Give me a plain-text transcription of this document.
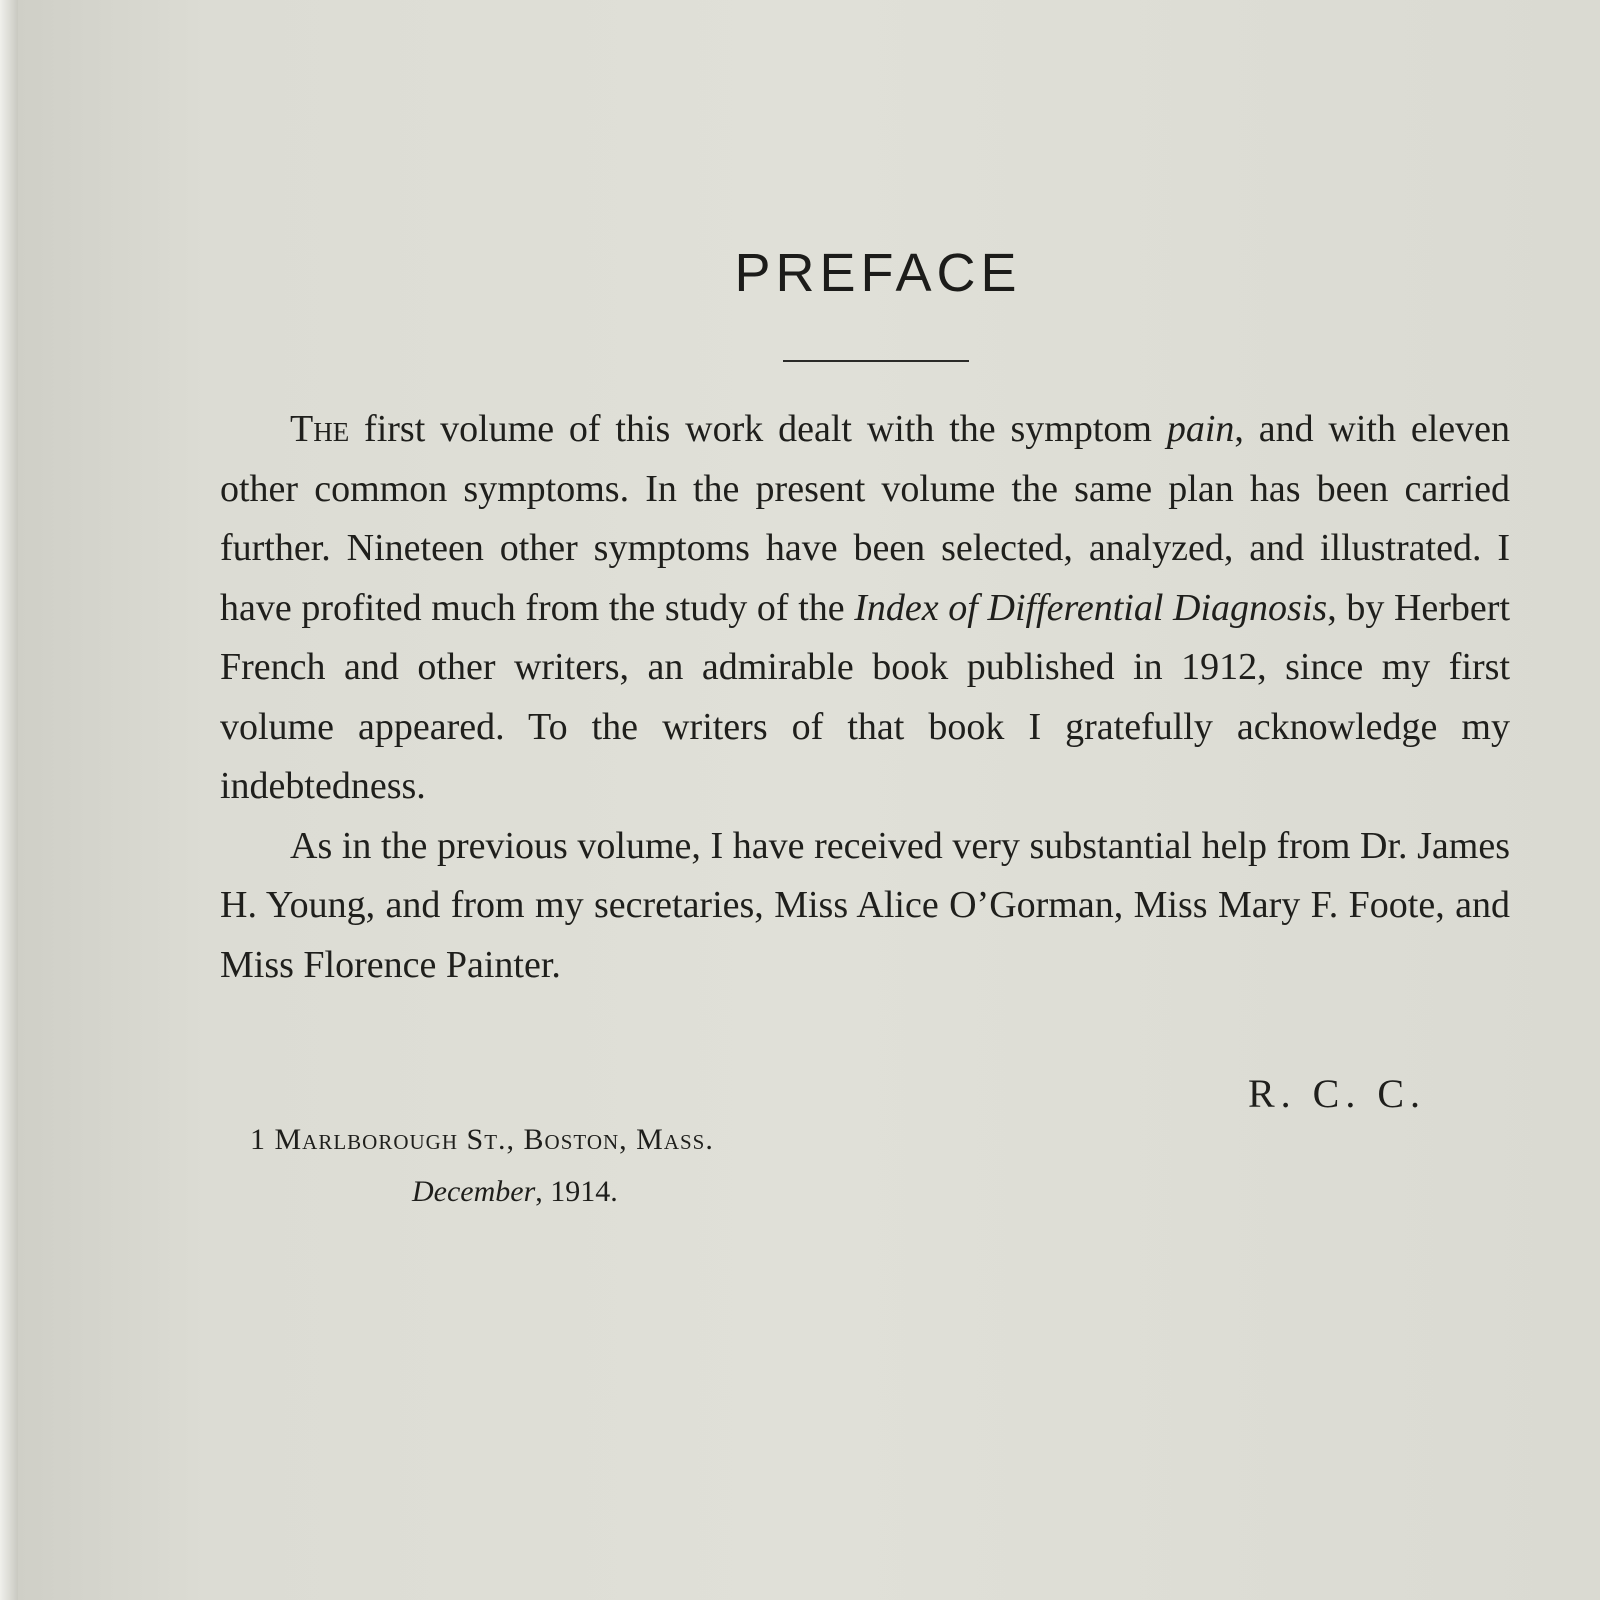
PREFACE

The first volume of this work dealt with the symptom pain, and with eleven other common symptoms. In the present volume the same plan has been carried further. Nineteen other symptoms have been selected, analyzed, and illustrated. I have profited much from the study of the Index of Differential Diagnosis, by Herbert French and other writers, an admirable book published in 1912, since my first volume appeared. To the writers of that book I gratefully acknowledge my indebtedness.

As in the previous volume, I have received very substantial help from Dr. James H. Young, and from my secretaries, Miss Alice O’Gorman, Miss Mary F. Foote, and Miss Florence Painter.

R. C. C.
1 Marlborough St., Boston, Mass.
December, 1914.
